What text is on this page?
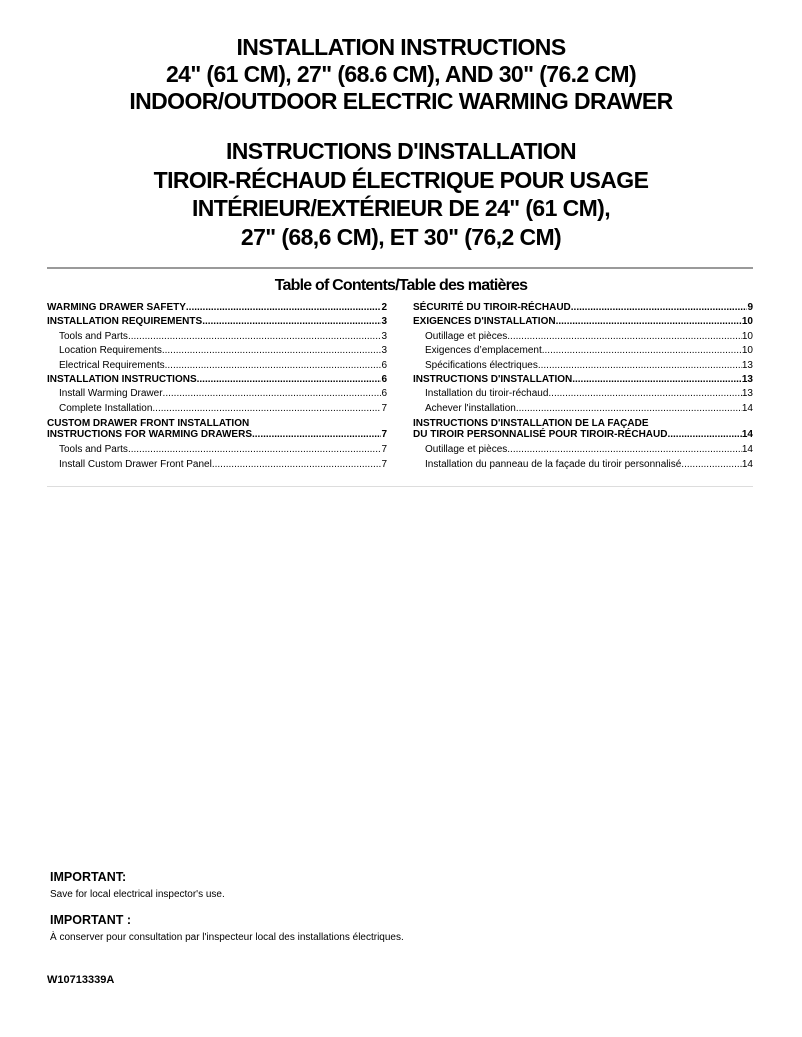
INSTALLATION INSTRUCTIONS
24" (61 CM), 27" (68.6 CM), AND 30" (76.2 CM)
INDOOR/OUTDOOR ELECTRIC WARMING DRAWER
INSTRUCTIONS D'INSTALLATION
TIROIR-RÉCHAUD ÉLECTRIQUE POUR USAGE
INTÉRIEUR/EXTÉRIEUR DE 24" (61 CM),
27" (68,6 CM), ET 30" (76,2 CM)
Table of Contents/Table des matières
WARMING DRAWER SAFETY .....	2
INSTALLATION REQUIREMENTS .....	3
Tools and Parts .....	3
Location Requirements .....	3
Electrical Requirements .....	6
INSTALLATION INSTRUCTIONS .....	6
Install Warming Drawer .....	6
Complete Installation .....	7
CUSTOM DRAWER FRONT INSTALLATION
INSTRUCTIONS FOR WARMING DRAWERS .....	7
Tools and Parts .....	7
Install Custom Drawer Front Panel .....	7
SÉCURITÉ DU TIROIR-RÉCHAUD .....	9
EXIGENCES D'INSTALLATION .....	10
Outillage et pièces .....	10
Exigences d’emplacement .....	10
Spécifications électriques .....	13
INSTRUCTIONS D'INSTALLATION .....	13
Installation du tiroir-réchaud .....	13
Achever l'installation .....	14
INSTRUCTIONS D'INSTALLATION DE LA FAÇADE
DU TIROIR PERSONNALISÉ POUR TIROIR-RÉCHAUD .....	14
Outillage et pièces .....	14
Installation du panneau de la façade du tiroir personnalisé .....	14
IMPORTANT:

Save for local electrical inspector's use.

IMPORTANT :

À conserver pour consultation par l'inspecteur local des installations électriques.

W10713339A
